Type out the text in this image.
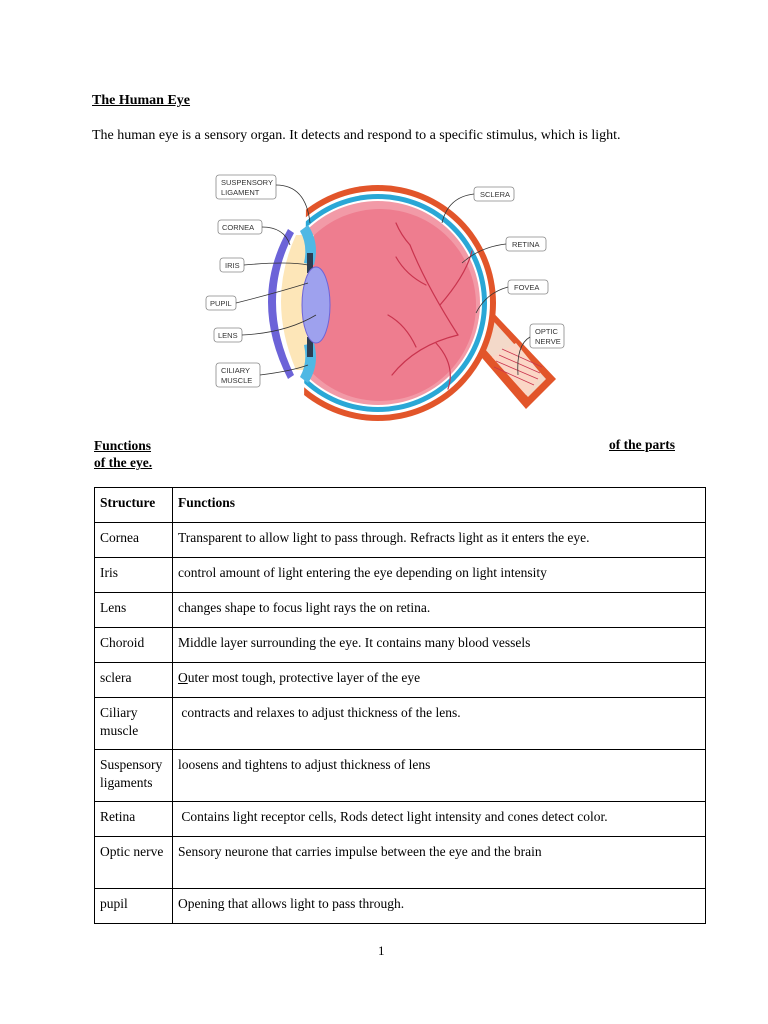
The Human Eye
The human eye is a sensory organ. It detects and respond to a specific stimulus, which is light.
SUSPENSORY
LIGAMENT
CORNEA
IRIS
PUPIL
LENS
CILIARY
MUSCLE
SCLERA
RETINA
FOVEA
OPTIC
NERVE
Functions
of the eye.
of the parts
Structure	Functions
Cornea	Transparent to allow light to pass through. Refracts light as it enters the eye.
Iris	control amount of light entering the eye depending on light intensity
Lens	changes shape to focus light rays the on retina.
Choroid	Middle layer surrounding the eye. It contains many blood vessels
sclera	Outer most tough, protective layer of the eye
Ciliary muscle	contracts and relaxes to adjust thickness of the lens.
Suspensory ligaments	loosens and tightens to adjust thickness of lens
Retina	Contains light receptor cells, Rods detect light intensity and cones detect color.
Optic nerve	Sensory neurone that carries impulse between the eye and the brain
pupil	Opening that allows light to pass through.
1
